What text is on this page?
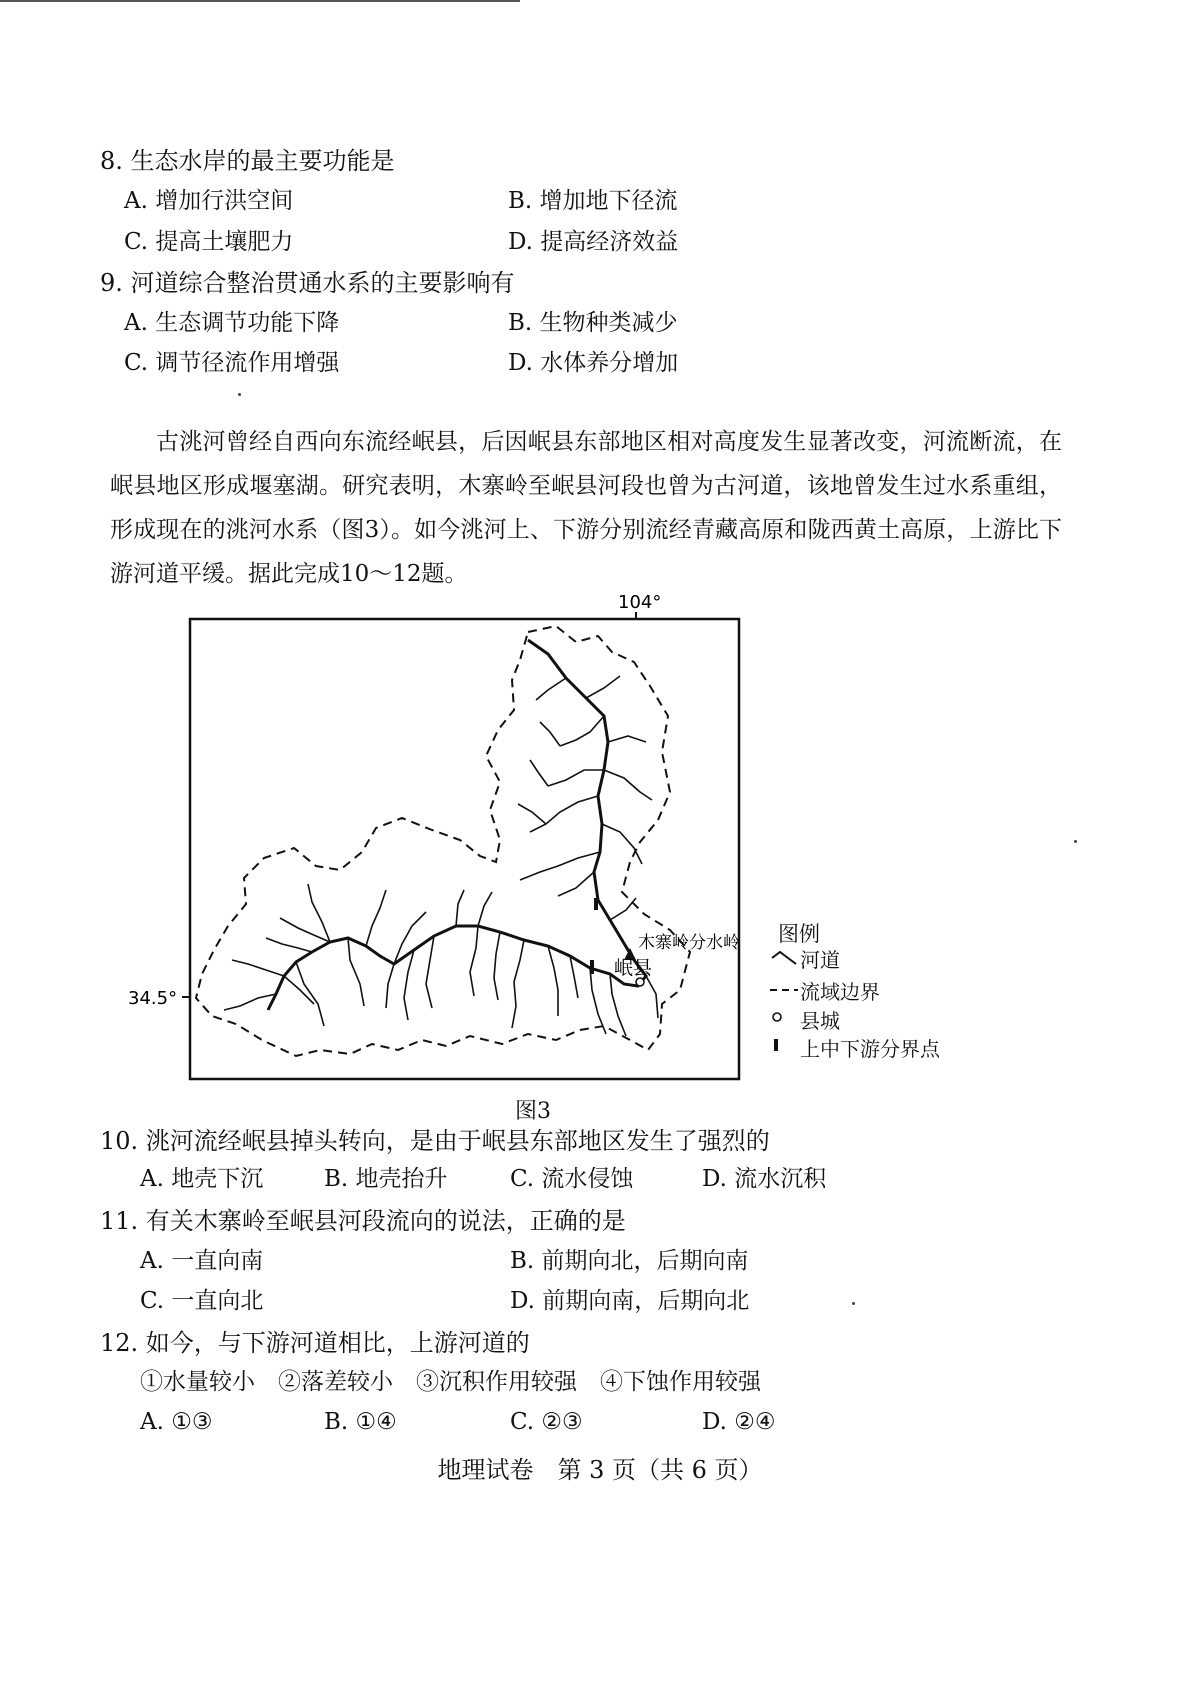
8. 生态水岸的最主要功能是
A. 增加行洪空间	B. 增加地下径流
C. 提高土壤肥力	D. 提高经济效益
9. 河道综合整治贯通水系的主要影响有
A. 生态调节功能下降	B. 生物种类减少
C. 调节径流作用增强	D. 水体养分增加

古洮河曾经自西向东流经岷县，后因岷县东部地区相对高度发生显著改变，河流断流，在岷县地区形成堰塞湖。研究表明，木寨岭至岷县河段也曾为古河道，该地曾发生过水系重组，形成现在的洮河水系（图3）。如今洮河上、下游分别流经青藏高原和陇西黄土高原，上游比下游河道平缓。据此完成10～12题。

104°
34.5°
木寨岭分水岭
岷县
图例
河道
流域边界
县城
上中下游分界点
图3
10. 洮河流经岷县掉头转向，是由于岷县东部地区发生了强烈的
A. 地壳下沉	B. 地壳抬升	C. 流水侵蚀	D. 流水沉积
11. 有关木寨岭至岷县河段流向的说法，正确的是
A. 一直向南	B. 前期向北，后期向南
C. 一直向北	D. 前期向南，后期向北
12. 如今，与下游河道相比，上游河道的
①水量较小　②落差较小　③沉积作用较强　④下蚀作用较强
A. ①③	B. ①④	C. ②③	D. ②④
地理试卷　第 3 页（共 6 页）
